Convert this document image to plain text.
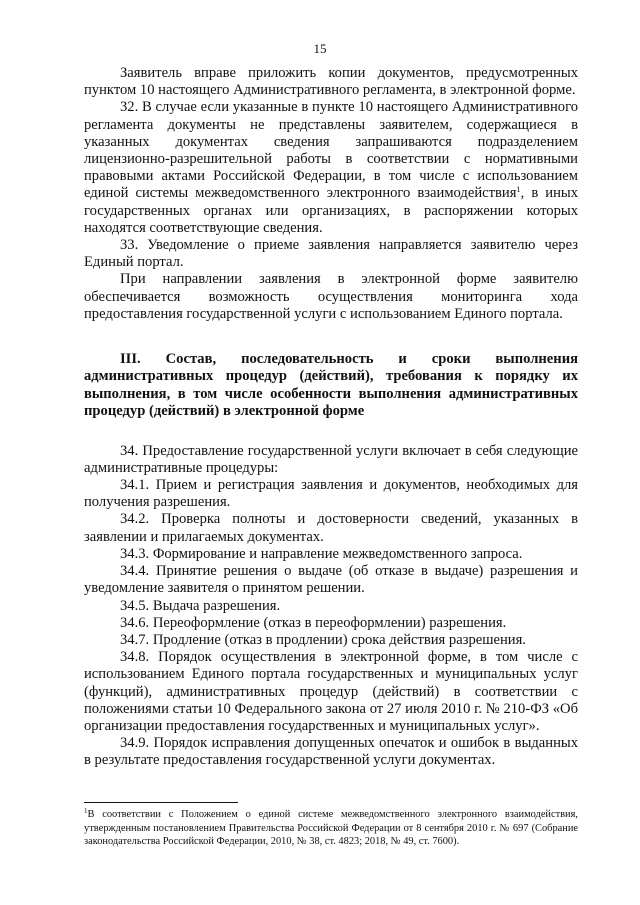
15

Заявитель вправе приложить копии документов, предусмотренных пунктом 10 настоящего Административного регламента, в электронной форме.

32. В случае если указанные в пункте 10 настоящего Административного регламента документы не представлены заявителем, содержащиеся в указанных документах сведения запрашиваются подразделением лицензионно-разрешительной работы в соответствии с нормативными правовыми актами Российской Федерации, в том числе с использованием единой системы межведомственного электронного взаимодействия$^1$, в иных государственных органах или организациях, в распоряжении которых находятся соответствующие сведения.

33. Уведомление о приеме заявления направляется заявителю через Единый портал.

При направлении заявления в электронной форме заявителю обеспечивается возможность осуществления мониторинга хода предоставления государственной услуги с использованием Единого портала.

III. Состав, последовательность и сроки выполнения административных процедур (действий), требования к порядку их выполнения, в том числе особенности выполнения административных процедур (действий) в электронной форме

34. Предоставление государственной услуги включает в себя следующие административные процедуры:

34.1. Прием и регистрация заявления и документов, необходимых для получения разрешения.

34.2. Проверка полноты и достоверности сведений, указанных в заявлении и прилагаемых документах.

34.3. Формирование и направление межведомственного запроса.

34.4. Принятие решения о выдаче (об отказе в выдаче) разрешения и уведомление заявителя о принятом решении.

34.5. Выдача разрешения.

34.6. Переоформление (отказ в переоформлении) разрешения.

34.7. Продление (отказ в продлении) срока действия разрешения.

34.8. Порядок осуществления в электронной форме, в том числе с использованием Единого портала государственных и муниципальных услуг (функций), административных процедур (действий) в соответствии с положениями статьи 10 Федерального закона от 27 июля 2010 г. № 210-ФЗ «Об организации предоставления государственных и муниципальных услуг».

34.9. Порядок исправления допущенных опечаток и ошибок в выданных в результате предоставления государственной услуги документах.

$^1$В соответствии с Положением о единой системе межведомственного электронного взаимодействия, утвержденным постановлением Правительства Российской Федерации от 8 сентября 2010 г. № 697 (Собрание законодательства Российской Федерации, 2010, № 38, ст. 4823; 2018, № 49, ст. 7600).
